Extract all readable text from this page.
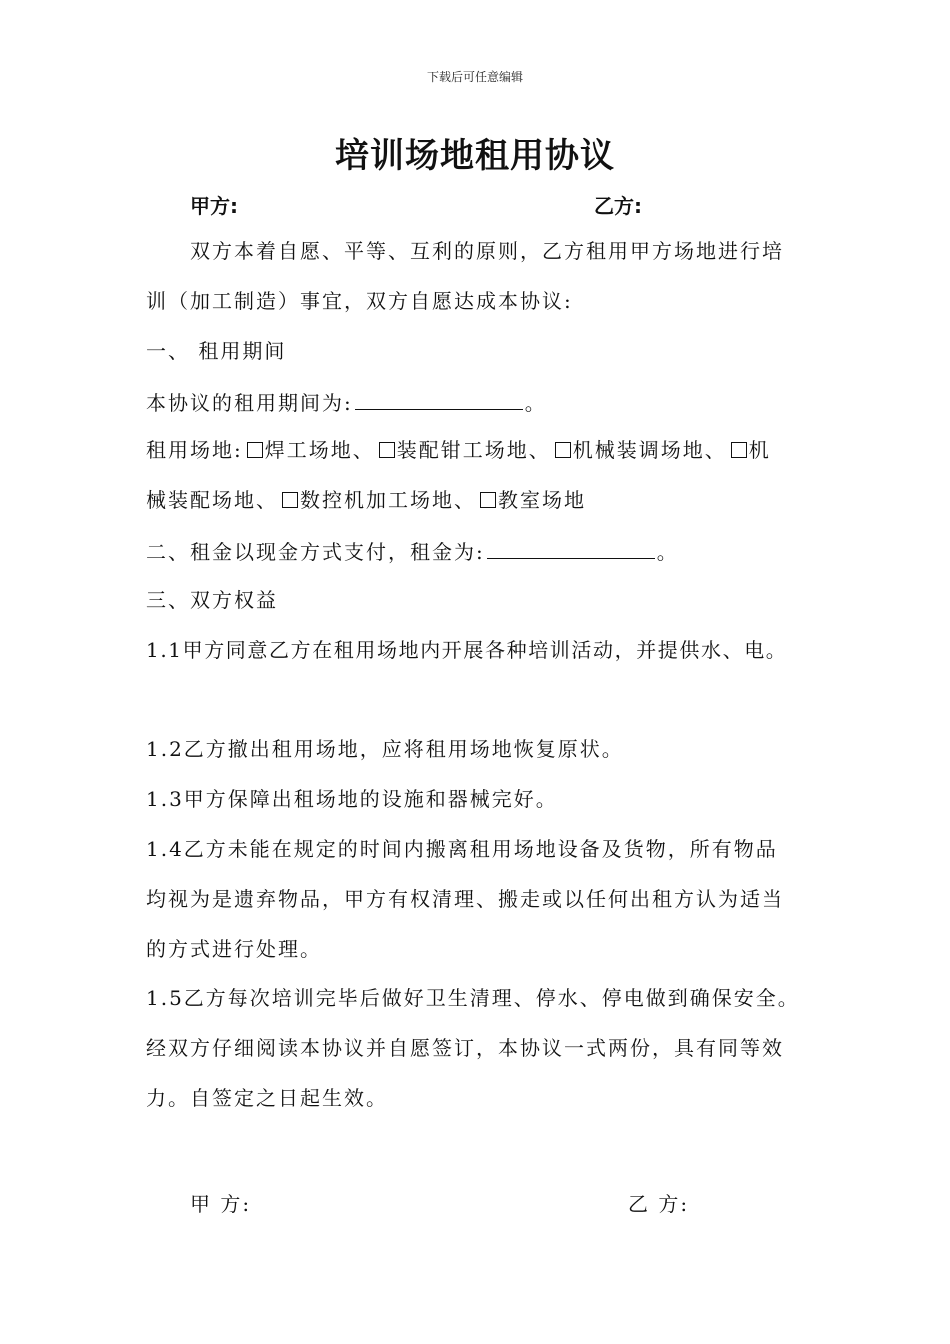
下载后可任意编辑
培训场地租用协议
甲方:	乙方:
双方本着自愿、平等、互利的原则，乙方租用甲方场地进行培
训（加工制造）事宜，双方自愿达成本协议:
一、 租用期间
本协议的租用期间为:	。
租用场地: 焊工场地、 装配钳工场地、 机械装调场地、 机
械装配场地、 数控机加工场地、 教室场地
二、租金以现金方式支付，租金为:	。
三、双方权益
1.1甲方同意乙方在租用场地内开展各种培训活动，并提供水、电。
1.2乙方撤出租用场地，应将租用场地恢复原状。
1.3甲方保障出租场地的设施和器械完好。
1.4乙方未能在规定的时间内搬离租用场地设备及货物，所有物品
均视为是遗弃物品，甲方有权清理、搬走或以任何出租方认为适当
的方式进行处理。
1.5乙方每次培训完毕后做好卫生清理、停水、停电做到确保安全。
经双方仔细阅读本协议并自愿签订，本协议一式两份，具有同等效
力。自签定之日起生效。
甲 方:	乙 方:
